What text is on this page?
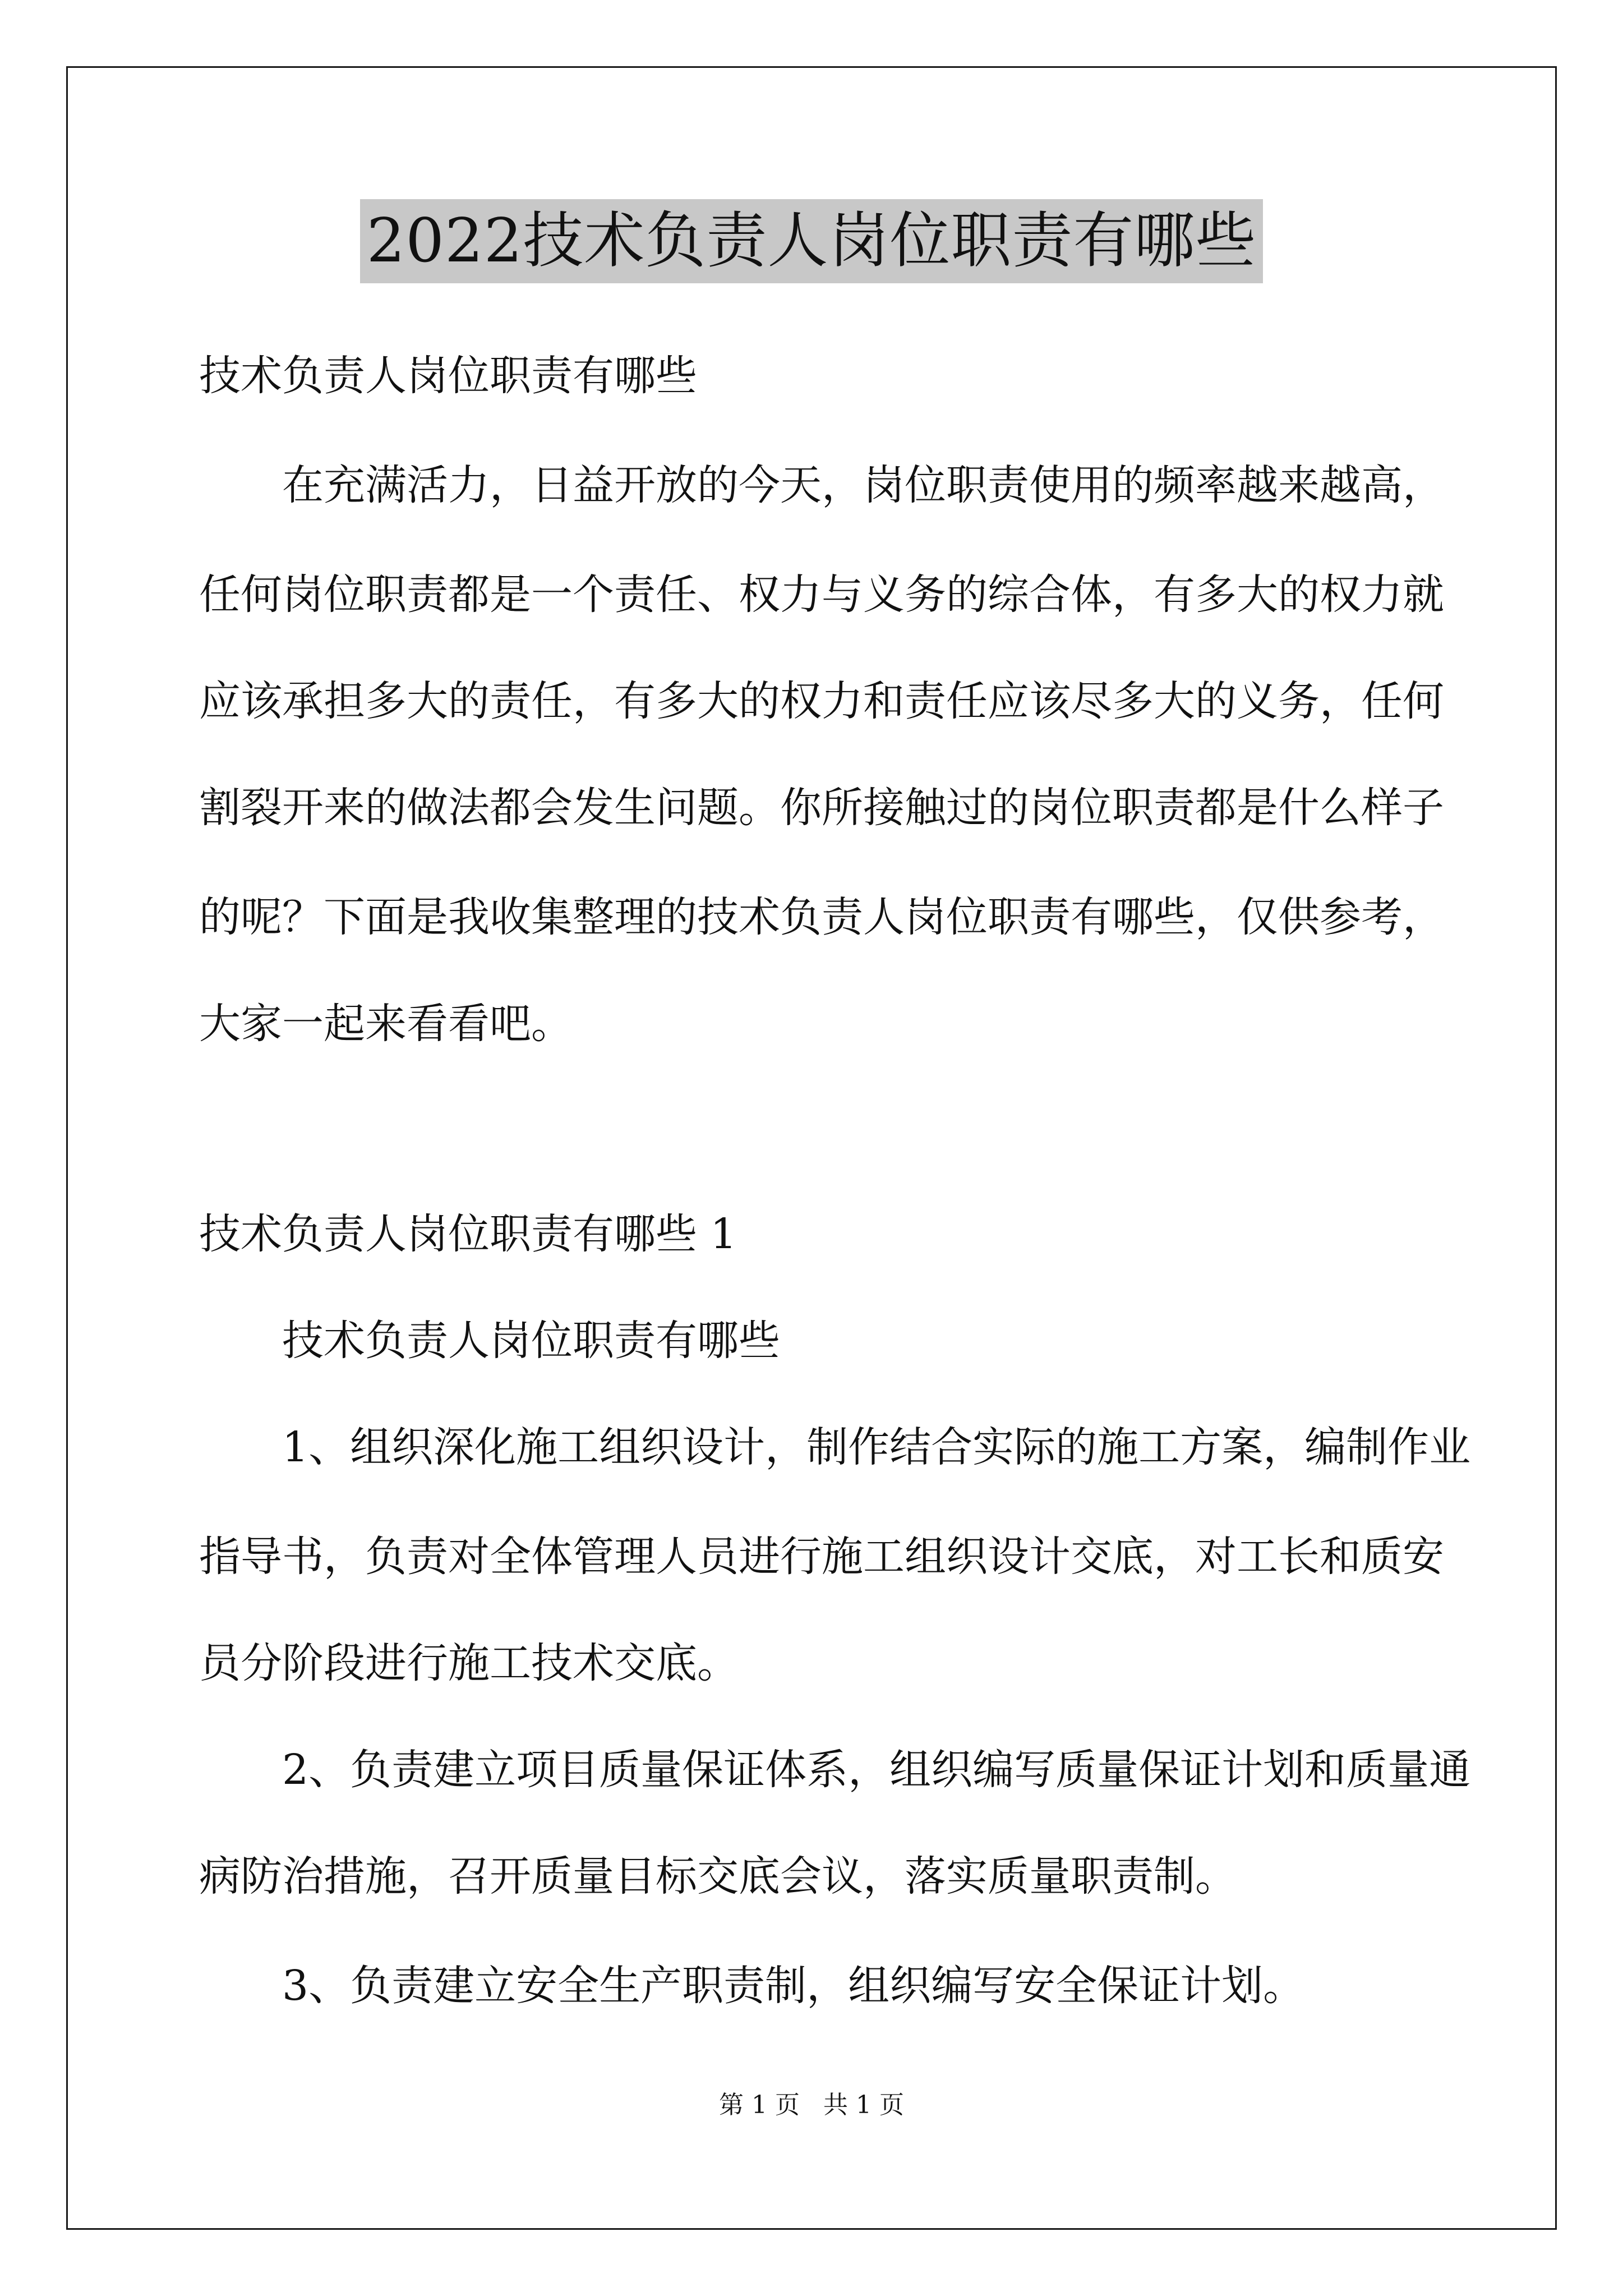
2022技术负责人岗位职责有哪些
技术负责人岗位职责有哪些
在充满活力，日益开放的今天，岗位职责使用的频率越来越高，
任何岗位职责都是一个责任、权力与义务的综合体，有多大的权力就
应该承担多大的责任，有多大的权力和责任应该尽多大的义务，任何
割裂开来的做法都会发生问题。你所接触过的岗位职责都是什么样子
的呢？下面是我收集整理的技术负责人岗位职责有哪些，仅供参考，
大家一起来看看吧。
技术负责人岗位职责有哪些 1
技术负责人岗位职责有哪些
1、组织深化施工组织设计，制作结合实际的施工方案，编制作业
指导书，负责对全体管理人员进行施工组织设计交底，对工长和质安
员分阶段进行施工技术交底。
2、负责建立项目质量保证体系，组织编写质量保证计划和质量通
病防治措施，召开质量目标交底会议，落实质量职责制。
3、负责建立安全生产职责制，组织编写安全保证计划。
第 1 页   共 1 页
